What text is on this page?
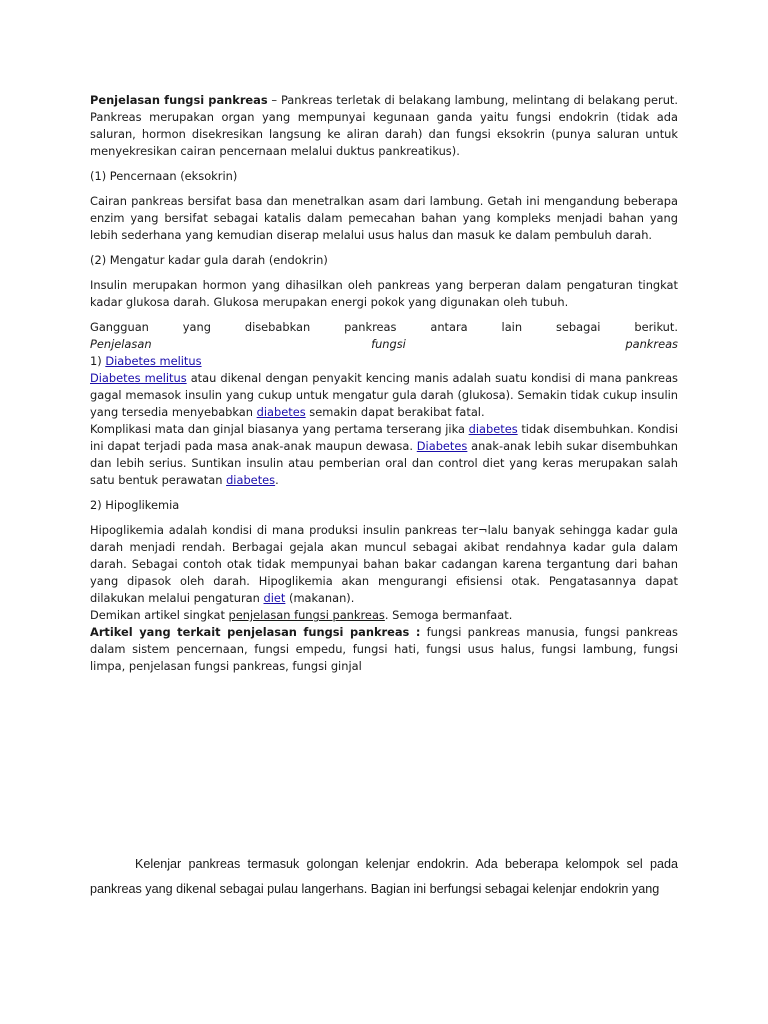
Penjelasan fungsi pankreas – Pankreas terletak di belakang lambung, melintang di belakang perut. Pankreas merupakan organ yang mempunyai kegunaan ganda yaitu fungsi endokrin (tidak ada saluran, hormon disekresikan langsung ke aliran darah) dan fungsi eksokrin (punya saluran untuk menyekresikan cairan pencernaan melalui duktus pankreatikus).

(1) Pencernaan (eksokrin)

Cairan pankreas bersifat basa dan menetralkan asam dari lambung. Getah ini mengandung beberapa enzim yang bersifat sebagai katalis dalam pemecahan bahan yang kompleks menjadi bahan yang lebih sederhana yang kemudian diserap melalui usus halus dan masuk ke dalam pembuluh darah.

(2) Mengatur kadar gula darah (endokrin)

Insulin merupakan hormon yang dihasilkan oleh pankreas yang berperan dalam pengaturan tingkat kadar glukosa darah. Glukosa merupakan energi pokok yang digunakan oleh tubuh.

Gangguan yang disebabkan pankreas antara lain sebagai berikut.

Penjelasan fungsi pankreas

1) Diabetes melitus

Diabetes melitus atau dikenal dengan penyakit kencing manis adalah suatu kondisi di mana pankreas gagal memasok insulin yang cukup untuk mengatur gula darah (glukosa). Semakin tidak cukup insulin yang tersedia menyebabkan diabetes semakin dapat berakibat fatal.

Komplikasi mata dan ginjal biasanya yang pertama terserang jika diabetes tidak disembuhkan. Kondisi ini dapat terjadi pada masa anak-anak maupun dewasa. Diabetes anak-anak lebih sukar disembuhkan dan lebih serius. Suntikan insulin atau pemberian oral dan control diet yang keras merupakan salah satu bentuk perawatan diabetes.

2) Hipoglikemia

Hipoglikemia adalah kondisi di mana produksi insulin pankreas ter¬lalu banyak sehingga kadar gula darah menjadi rendah. Berbagai gejala akan muncul sebagai akibat rendahnya kadar gula dalam darah. Sebagai contoh otak tidak mempunyai bahan bakar cadangan karena tergantung dari bahan yang dipasok oleh darah. Hipoglikemia akan mengurangi efisiensi otak. Pengatasannya dapat dilakukan melalui pengaturan diet (makanan).

Demikan artikel singkat penjelasan fungsi pankreas. Semoga bermanfaat.

Artikel yang terkait penjelasan fungsi pankreas : fungsi pankreas manusia, fungsi pankreas dalam sistem pencernaan, fungsi empedu, fungsi hati, fungsi usus halus, fungsi lambung, fungsi limpa, penjelasan fungsi pankreas, fungsi ginjal

Kelenjar pankreas termasuk golongan kelenjar endokrin. Ada beberapa kelompok sel pada pankreas yang dikenal sebagai pulau langerhans. Bagian ini berfungsi sebagai kelenjar endokrin yang
